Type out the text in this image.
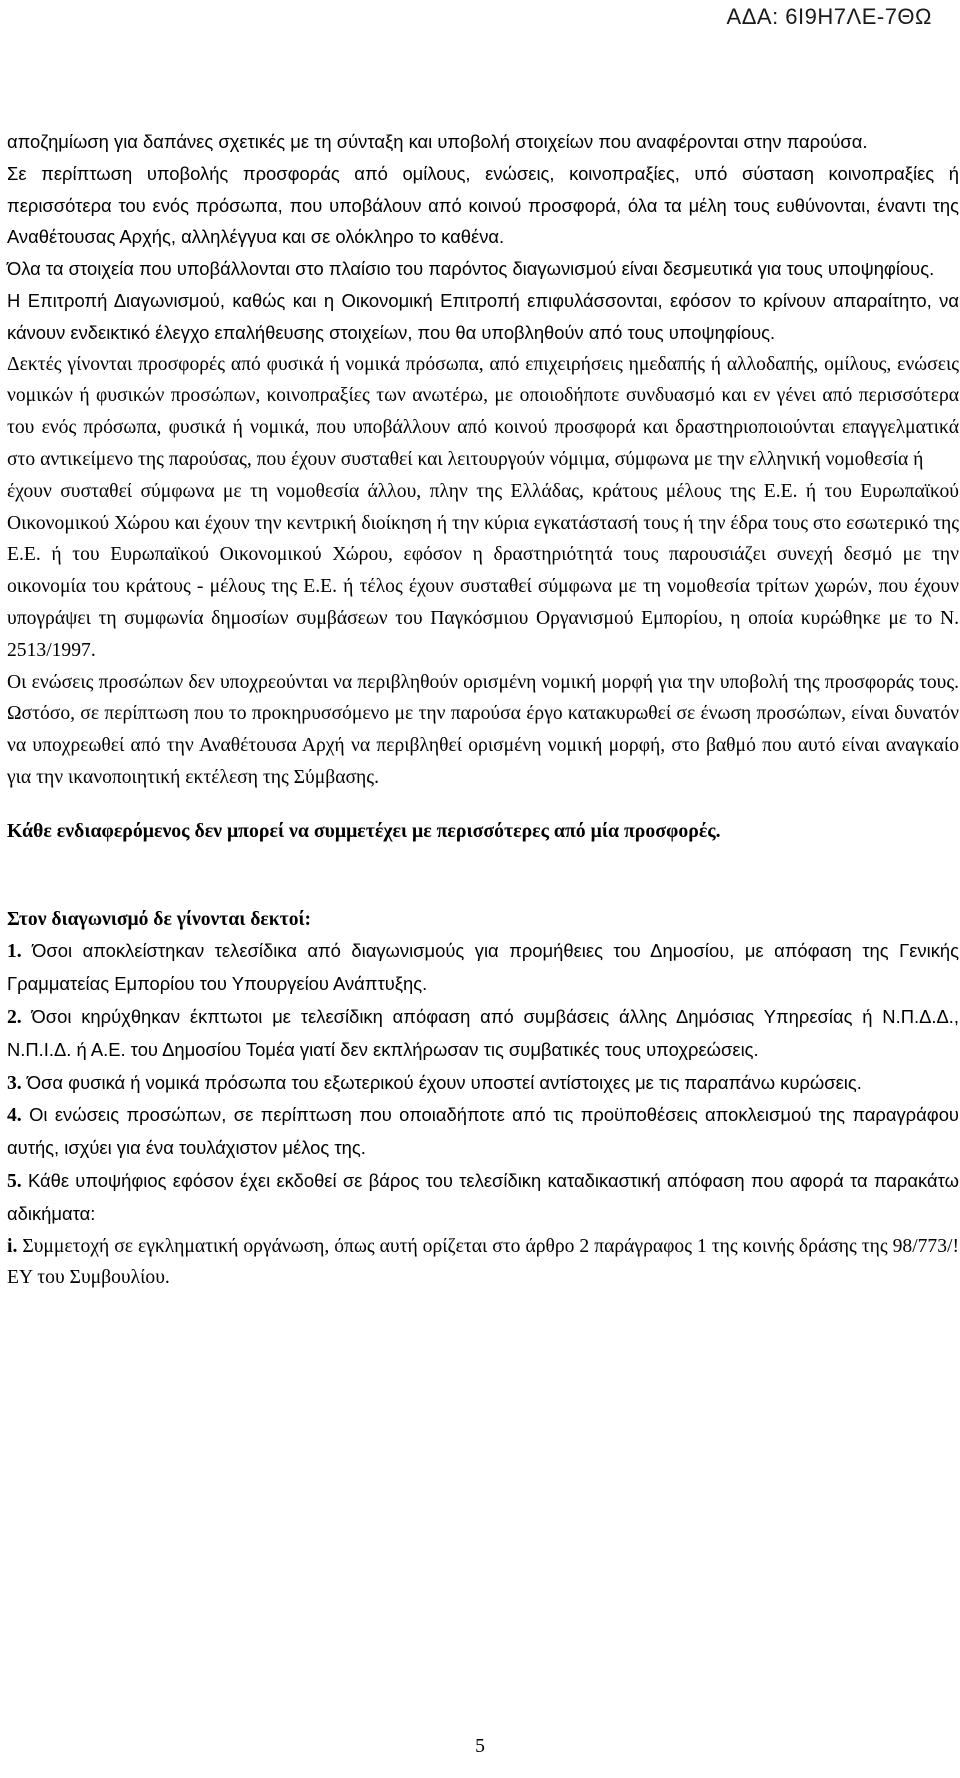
ΑΔΑ: 6Ι9Η7ΛΕ-7ΘΩ

αποζημίωση για δαπάνες σχετικές με τη σύνταξη και υποβολή στοιχείων που αναφέρονται στην παρούσα.

Σε περίπτωση υποβολής προσφοράς από ομίλους, ενώσεις, κοινοπραξίες, υπό σύσταση κοινοπραξίες ή περισσότερα του ενός πρόσωπα, που υποβάλουν από κοινού προσφορά, όλα τα μέλη τους ευθύνονται, έναντι της Αναθέτουσας Αρχής, αλληλέγγυα και σε ολόκληρο το καθένα.

Όλα τα στοιχεία που υποβάλλονται στο πλαίσιο του παρόντος διαγωνισμού είναι δεσμευτικά για τους υποψηφίους.

Η Επιτροπή Διαγωνισμού, καθώς και η Οικονομική Επιτροπή επιφυλάσσονται, εφόσον το κρίνουν απαραίτητο, να κάνουν ενδεικτικό έλεγχο επαλήθευσης στοιχείων, που θα υποβληθούν από τους υποψηφίους.

Δεκτές γίνονται προσφορές από φυσικά ή νομικά πρόσωπα, από επιχειρήσεις ημεδαπής ή αλλοδαπής, ομίλους, ενώσεις νομικών ή φυσικών προσώπων, κοινοπραξίες των ανωτέρω, με οποιοδήποτε συνδυασμό και εν γένει από περισσότερα του ενός πρόσωπα, φυσικά ή νομικά, που υποβάλλουν από κοινού προσφορά και δραστηριοποιούνται επαγγελματικά στο αντικείμενο της παρούσας, που έχουν συσταθεί και λειτουργούν νόμιμα, σύμφωνα με την ελληνική νομοθεσία ή

έχουν συσταθεί σύμφωνα με τη νομοθεσία άλλου, πλην της Ελλάδας, κράτους μέλους της Ε.Ε. ή του Ευρωπαϊκού Οικονομικού Χώρου και έχουν την κεντρική διοίκηση ή την κύρια εγκατάστασή τους ή την έδρα τους στο εσωτερικό της Ε.Ε. ή του Ευρωπαϊκού Οικονομικού Χώρου, εφόσον η δραστηριότητά τους παρουσιάζει συνεχή δεσμό με την οικονομία του κράτους - μέλους της Ε.Ε. ή τέλος έχουν συσταθεί σύμφωνα με τη νομοθεσία τρίτων χωρών, που έχουν υπογράψει τη συμφωνία δημοσίων συμβάσεων του Παγκόσμιου Οργανισμού Εμπορίου, η οποία κυρώθηκε με το Ν. 2513/1997.

Οι ενώσεις προσώπων δεν υποχρεούνται να περιβληθούν ορισμένη νομική μορφή για την υποβολή της προσφοράς τους. Ωστόσο, σε περίπτωση που το προκηρυσσόμενο με την παρούσα έργο κατακυρωθεί σε ένωση προσώπων, είναι δυνατόν να υποχρεωθεί από την Αναθέτουσα Αρχή να περιβληθεί ορισμένη νομική μορφή, στο βαθμό που αυτό είναι αναγκαίο για την ικανοποιητική εκτέλεση της Σύμβασης.

Κάθε ενδιαφερόμενος δεν μπορεί να συμμετέχει με περισσότερες από μία προσφορές.

Στον διαγωνισμό δε γίνονται δεκτοί:

1. Όσοι αποκλείστηκαν τελεσίδικα από διαγωνισμούς για προμήθειες του Δημοσίου, με απόφαση της Γενικής Γραμματείας Εμπορίου του Υπουργείου Ανάπτυξης.

2. Όσοι κηρύχθηκαν έκπτωτοι με τελεσίδικη απόφαση από συμβάσεις άλλης Δημόσιας Υπηρεσίας ή Ν.Π.Δ.Δ., Ν.Π.Ι.Δ. ή Α.Ε. του Δημοσίου Τομέα γιατί δεν εκπλήρωσαν τις συμβατικές τους υποχρεώσεις.

3. Όσα φυσικά ή νομικά πρόσωπα του εξωτερικού έχουν υποστεί αντίστοιχες με τις παραπάνω κυρώσεις.

4. Οι ενώσεις προσώπων, σε περίπτωση που οποιαδήποτε από τις προϋποθέσεις αποκλεισμού της παραγράφου αυτής, ισχύει για ένα τουλάχιστον μέλος της.

5. Κάθε υποψήφιος εφόσον έχει εκδοθεί σε βάρος του τελεσίδικη καταδικαστική απόφαση που αφορά τα παρακάτω αδικήματα:

i. Συμμετοχή σε εγκληματική οργάνωση, όπως αυτή ορίζεται στο άρθρο 2 παράγραφος 1 της κοινής δράσης της 98/773/!ΕΥ του Συμβουλίου.

5
